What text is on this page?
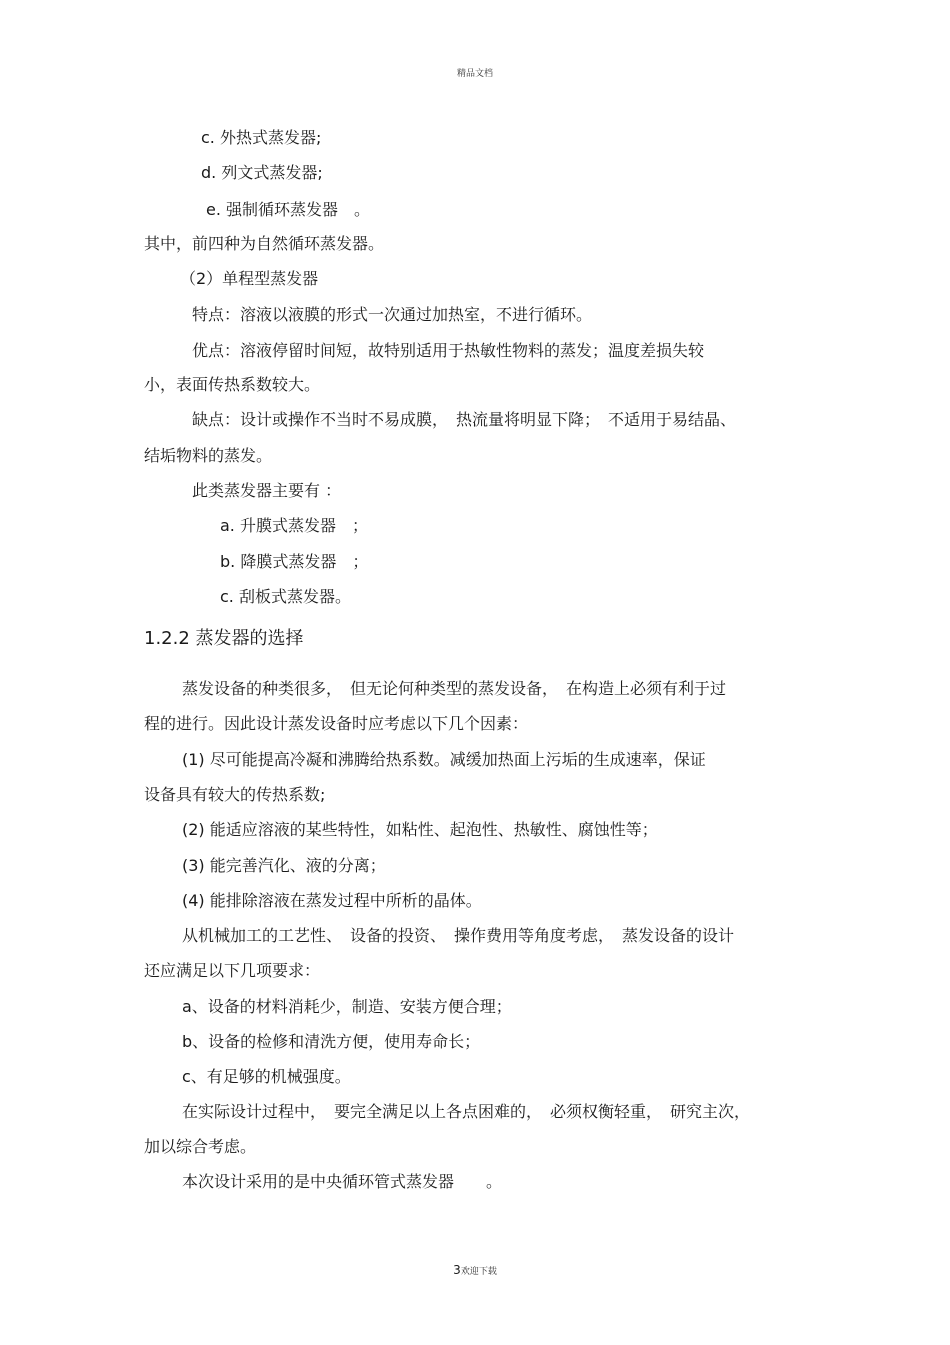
精品文档
c. 外热式蒸发器;
d. 列文式蒸发器;
e. 强制循环蒸发器　。
其中，前四种为自然循环蒸发器。
（2）单程型蒸发器
特点：溶液以液膜的形式一次通过加热室，不进行循环。
优点：溶液停留时间短，故特别适用于热敏性物料的蒸发；温度差损失较
小，表面传热系数较大。
缺点：设计或操作不当时不易成膜，　热流量将明显下降；　不适用于易结晶、
结垢物料的蒸发。
此类蒸发器主要有 ：
a. 升膜式蒸发器　；
b. 降膜式蒸发器　；
c. 刮板式蒸发器。
1.2.2 蒸发器的选择
蒸发设备的种类很多，　但无论何种类型的蒸发设备，　在构造上必须有利于过
程的进行。因此设计蒸发设备时应考虑以下几个因素：
(1) 尽可能提高冷凝和沸腾给热系数。减缓加热面上污垢的生成速率，保证
设备具有较大的传热系数;
(2) 能适应溶液的某些特性，如粘性、起泡性、热敏性、腐蚀性等；
(3) 能完善汽化、液的分离；
(4) 能排除溶液在蒸发过程中所析的晶体。
从机械加工的工艺性、　设备的投资、　操作费用等角度考虑，　蒸发设备的设计
还应满足以下几项要求：
a、设备的材料消耗少，制造、安装方便合理；
b、设备的检修和清洗方便，使用寿命长；
c、有足够的机械强度。
在实际设计过程中，　要完全满足以上各点困难的，　必须权衡轻重，　研究主次，
加以综合考虑。
本次设计采用的是中央循环管式蒸发器　　。
3欢迎下载
